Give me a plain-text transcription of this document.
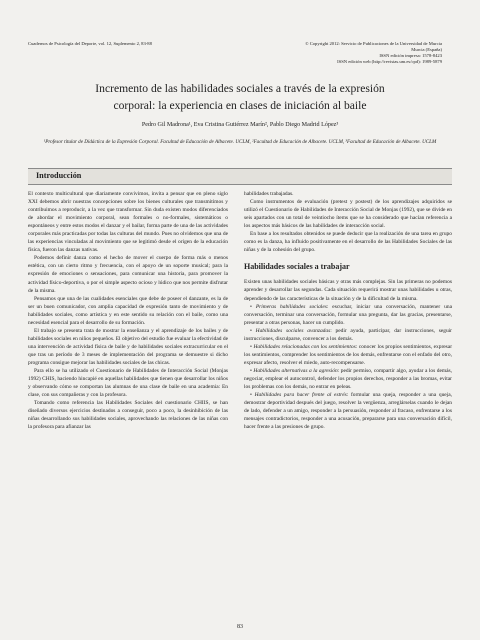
Cuadernos de Psicología del Deporte, vol. 12, Suplemento 2, 83-88	© Copyright 2012: Servicio de Publicaciones de la Universidad de Murcia
Murcia (España)
ISSN edición impresa: 1578-8423
ISSN edición web (http://revistas.um.es/cpd): 1989-5879
Incremento de las habilidades sociales a través de la expresión
corporal: la experiencia en clases de iniciación al baile
Pedro Gil Madrona¹, Eva Cristina Gutiérrez Marín², Pablo Diego Madrid López³
¹Profesor titular de Didáctica de la Expresión Corporal. Facultad de Educación de Albacete. UCLM, ²Facultad de Educación de Albacete. UCLM, ³Facultad de Educación de Albacete. UCLM
Introducción

El contexto multicultural que diariamente convivimos, invita a pensar que en pleno siglo XXI debemos abrir nuestras concepciones sobre los bienes culturales que transmitimos y contribuimos a reproducir, a la vez que transformar. Sin duda existen modos diferenciados de abordar el movimiento corporal, sean formales o no-formales, sistemáticos o espontáneos y entre estos modos el danzar y el bailar, forma parte de una de las actividades corporales más practicadas por todas las culturas del mundo. Pues no olvidemos que una de las experiencias vinculadas al movimiento que se legitimó desde el origen de la educación física, fueron las danzas nativas.

Podemos definir danza como el hecho de mover el cuerpo de forma más o menos estética, con un cierto ritmo y frecuencia, con el apoyo de un soporte musical; para la expresión de emociones o sensaciones, para comunicar una historia, para promover la actividad físico-deportiva, o por el simple aspecto ocioso y lúdico que nos permite disfrutar de la misma.

Pensamos que una de las cualidades esenciales que debe de poseer el danzante, es la de ser un buen comunicador, con amplia capacidad de expresión tanto de movimiento y de habilidades sociales, como artística y en este sentido su relación con el baile, como una necesidad esencial para el desarrollo de su formación.

El trabajo se presenta trata de mostrar la enseñanza y el aprendizaje de los bailes y de habilidades sociales en niños pequeños. El objetivo del estudio fue evaluar la efectividad de una intervención de actividad física de baile y de habilidades sociales extracurricular en el que tras un período de 3 meses de implementación del programa se demuestre si dicho programa consigue mejorar las habilidades sociales de las chicas.

Para ello se ha utilizado el Cuestionario de Habilidades de Interacción Social (Monjas 1992) CHIS, haciendo hincapié en aquellas habilidades que tienen que desarrollar los niños y observando cómo se comportan las alumnas de una clase de baile en una academia: En clase, con sus compañeras y con la profesora.

Tomando como referencia las Habilidades Sociales del cuestionario CHIIS, se han diseñado diversos ejercicios destinados a conseguir, poco a poco, la desinhibición de las niñas desarrollando sus habilidades sociales, aprovechando las relaciones de las niñas con la profesora para afianzar las

habilidades trabajadas.

Como instrumentos de evaluación (pretest y postest) de los aprendizajes adquiridos se utilizó el Cuestionario de Habilidades de Interacción Social de Monjas (1992), que se divide en seis apartados con un total de veintiocho ítems que se ha considerado que hacían referencia a los aspectos más básicos de las habilidades de interacción social.

En base a los resultados obtenidos se puede deducir que la realización de una tarea en grupo como es la danza, ha influido positivamente en el desarrollo de las Habilidades Sociales de las niñas y de la cohesión del grupo.

Habilidades sociales a trabajar

Existen unas habilidades sociales básicas y otras más complejas. Sin las primeras no podemos aprender y desarrollar las segundas. Cada situación requerirá mostrar unas habilidades u otras, dependiendo de las características de la situación y de la dificultad de la misma.

• Primeras habilidades sociales: escuchar, iniciar una conversación, mantener una conversación, terminar una conversación, formular una pregunta, dar las gracias, presentarse, presentar a otras personas, hacer un cumplido.

• Habilidades sociales avanzadas: pedir ayuda, participar, dar instrucciones, seguir instrucciones, disculparse, convencer a los demás.

• Habilidades relacionadas con los sentimientos: conocer los propios sentimientos, expresar los sentimientos, comprender los sentimientos de los demás, enfrentarse con el enfado del otro, expresar afecto, resolver el miedo, auto-recompensarse.

• Habilidades alternativas a la agresión: pedir permiso, compartir algo, ayudar a los demás, negociar, emplear el autocontrol, defender los propios derechos, responder a las bromas, evitar los problemas con los demás, no entrar en peleas.

• Habilidades para hacer frente al estrés: formular una queja, responder a una queja, demostrar deportividad después del juego, resolver la vergüenza, arreglárselas cuando le dejan de lado, defender a un amigo, responder a la persuasión, responder al fracaso, enfrentarse a los mensajes contradictorios, responder a una acusación, prepararse para una conversación difícil, hacer frente a las presiones de grupo.

83
